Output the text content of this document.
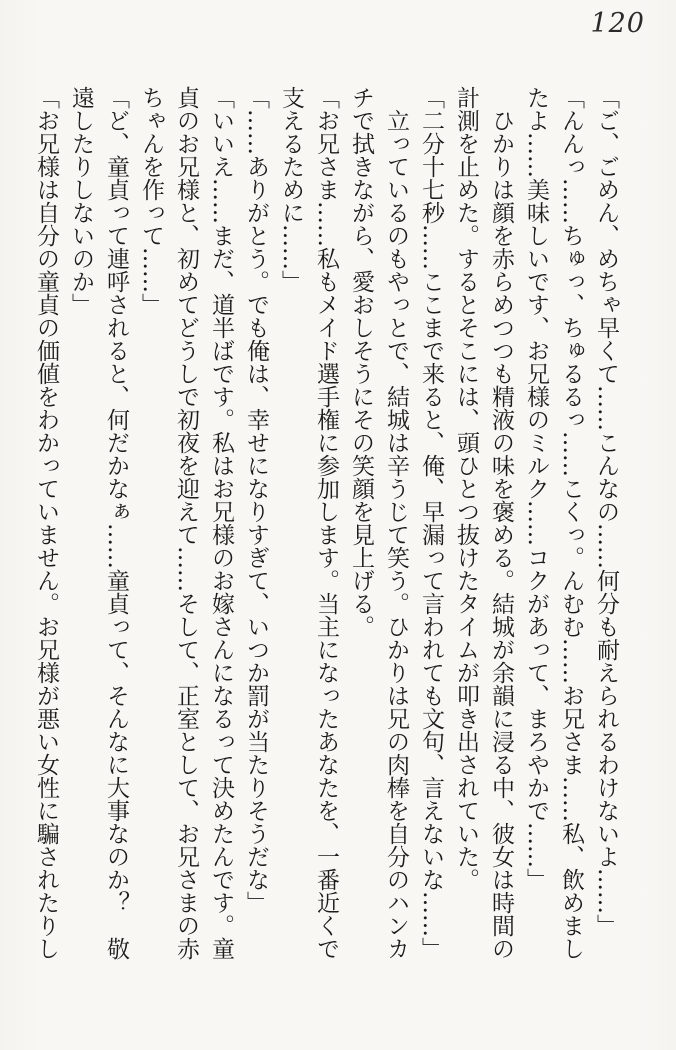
120

「ご、ごめん、めちゃ早くて……こんなの……何分も耐えられるわけないよ……」

「んんっ……ちゅっ、ちゅるるっ……こくっ。んむむ……お兄さま……私、飲めましたよ……美味しいです、お兄様のミルク……コクがあって、まろやかで……」

ひかりは顔を赤らめつつも精液の味を褒める。結城が余韻に浸る中、彼女は時間の計測を止めた。するとそこには、頭ひとつ抜けたタイムが叩き出されていた。

「二分十七秒……ここまで来ると、俺、早漏って言われても文句、言えないな……」

立っているのもやっとで、結城は辛うじて笑う。ひかりは兄の肉棒を自分のハンカチで拭きながら、愛おしそうにその笑顔を見上げる。

「お兄さま……私もメイド選手権に参加します。当主になったあなたを、一番近くで支えるために……」

「……ありがとう。でも俺は、幸せになりすぎて、いつか罰が当たりそうだな」

「いいえ……まだ、道半ばです。私はお兄様のお嫁さんになるって決めたんです。童貞のお兄様と、初めてどうしで初夜を迎えて……そして、正室として、お兄さまの赤ちゃんを作って……」

「ど、童貞って連呼されると、何だかなぁ……童貞って、そんなに大事なのか？　敬遠したりしないのか」

「お兄様は自分の童貞の価値をわかっていません。お兄様が悪い女性に騙されたりし
